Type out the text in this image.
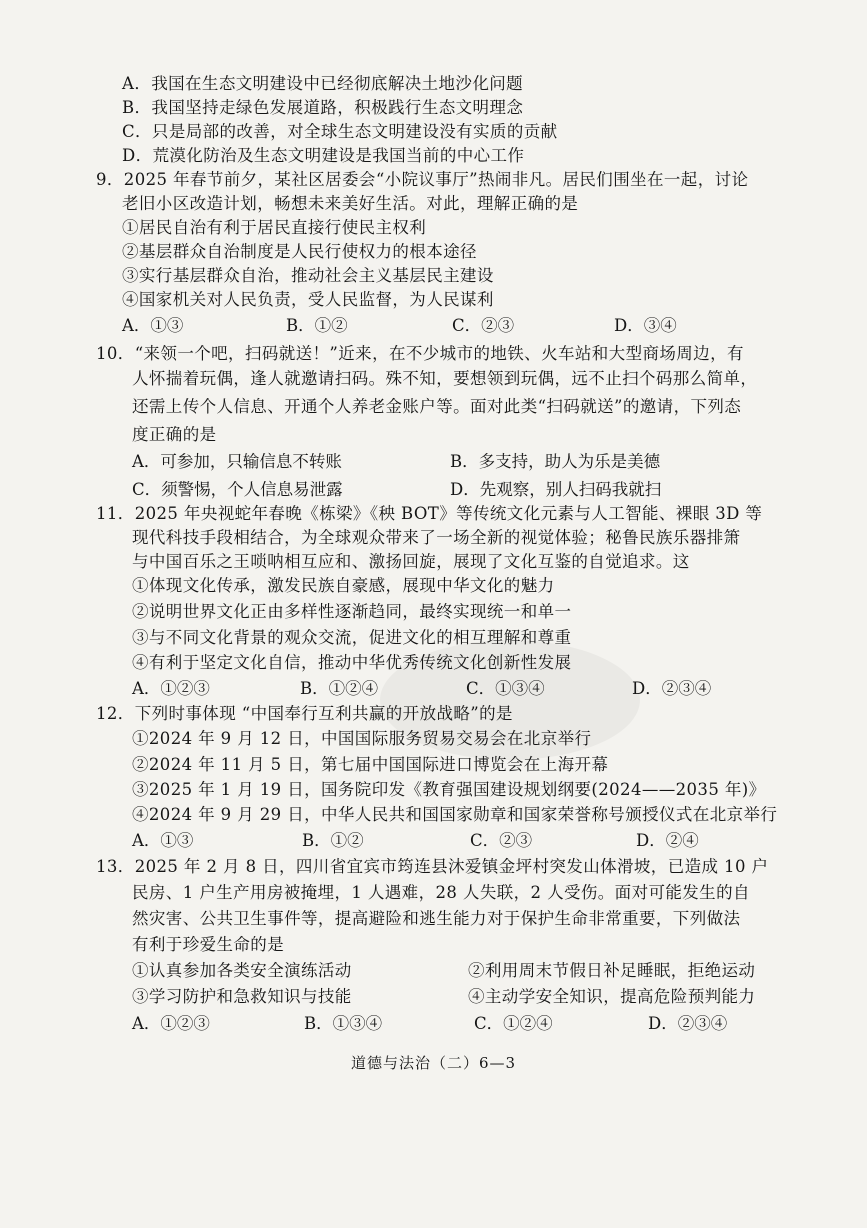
A．我国在生态文明建设中已经彻底解决土地沙化问题
B．我国坚持走绿色发展道路，积极践行生态文明理念
C．只是局部的改善，对全球生态文明建设没有实质的贡献
D．荒漠化防治及生态文明建设是我国当前的中心工作
9．2025 年春节前夕，某社区居委会“小院议事厅”热闹非凡。居民们围坐在一起，讨论
老旧小区改造计划，畅想未来美好生活。对此，理解正确的是
①居民自治有利于居民直接行使民主权利
②基层群众自治制度是人民行使权力的根本途径
③实行基层群众自治，推动社会主义基层民主建设
④国家机关对人民负责，受人民监督，为人民谋利
A．①③	B．①②	C．②③	D．③④
10．“来领一个吧，扫码就送！”近来，在不少城市的地铁、火车站和大型商场周边，有
人怀揣着玩偶，逢人就邀请扫码。殊不知，要想领到玩偶，远不止扫个码那么简单，
还需上传个人信息、开通个人养老金账户等。面对此类“扫码就送”的邀请，下列态
度正确的是
A．可参加，只输信息不转账	B．多支持，助人为乐是美德
C．须警惕，个人信息易泄露	D．先观察，别人扫码我就扫
11．2025 年央视蛇年春晚《栋梁》《秧 BOT》等传统文化元素与人工智能、裸眼 3D 等
现代科技手段相结合，为全球观众带来了一场全新的视觉体验；秘鲁民族乐器排箫
与中国百乐之王唢呐相互应和、激扬回旋，展现了文化互鉴的自觉追求。这
①体现文化传承，激发民族自豪感，展现中华文化的魅力
②说明世界文化正由多样性逐渐趋同，最终实现统一和单一
③与不同文化背景的观众交流，促进文化的相互理解和尊重
④有利于坚定文化自信，推动中华优秀传统文化创新性发展
A．①②③	B．①②④	C．①③④	D．②③④
12．下列时事体现 “中国奉行互利共赢的开放战略”的是
①2024 年 9 月 12 日，中国国际服务贸易交易会在北京举行
②2024 年 11 月 5 日，第七届中国国际进口博览会在上海开幕
③2025 年 1 月 19 日，国务院印发《教育强国建设规划纲要(2024——2035 年)》
④2024 年 9 月 29 日，中华人民共和国国家勋章和国家荣誉称号颁授仪式在北京举行
A．①③	B．①②	C．②③	D．②④
13．2025 年 2 月 8 日，四川省宜宾市筠连县沐爱镇金坪村突发山体滑坡，已造成 10 户
民房、1 户生产用房被掩埋，1 人遇难，28 人失联，2 人受伤。面对可能发生的自
然灾害、公共卫生事件等，提高避险和逃生能力对于保护生命非常重要，下列做法
有利于珍爱生命的是
①认真参加各类安全演练活动	②利用周末节假日补足睡眠，拒绝运动
③学习防护和急救知识与技能	④主动学安全知识，提高危险预判能力
A．①②③	B．①③④	C．①②④	D．②③④
道德与法治（二）6—3
